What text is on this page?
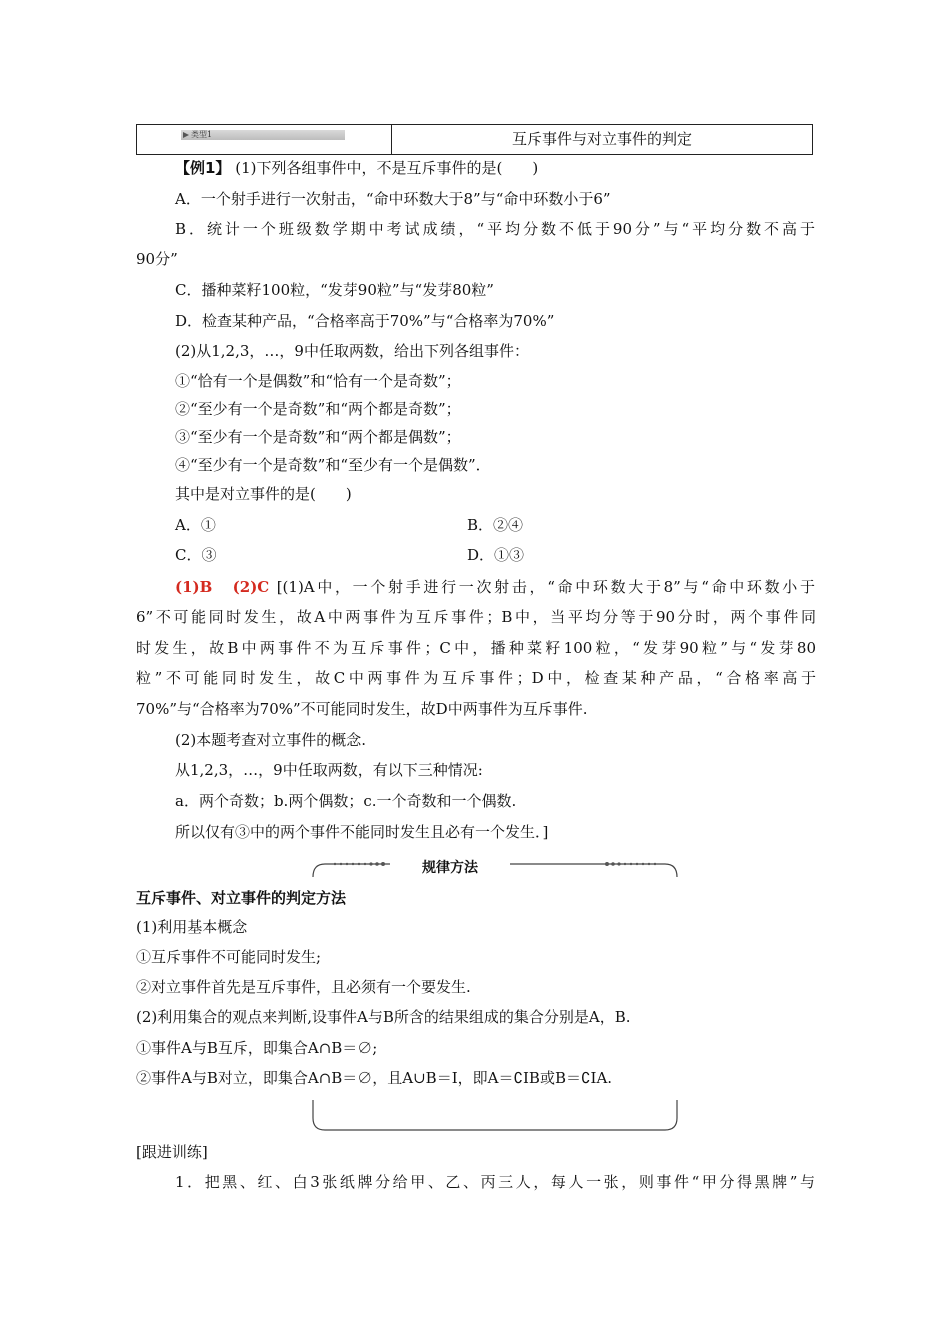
类型1	互斥事件与对立事件的判定
【例1】 (1)下列各组事件中，不是互斥事件的是(　　)
A．一个射手进行一次射击，“命中环数大于8”与“命中环数小于6”
B．统计一个班级数学期中考试成绩，“平均分数不低于90分”与“平均分数不高于
90分”
C．播种菜籽100粒，“发芽90粒”与“发芽80粒”
D．检查某种产品，“合格率高于70%”与“合格率为70%”
(2)从1,2,3，…，9中任取两数，给出下列各组事件：
①“恰有一个是偶数”和“恰有一个是奇数”；
②“至少有一个是奇数”和“两个都是奇数”；
③“至少有一个是奇数”和“两个都是偶数”；
④“至少有一个是奇数”和“至少有一个是偶数”．
其中是对立事件的是(　　)
A．①	B．②④
C．③	D．①③
(1)B　(2)C [(1)A中，一个射手进行一次射击，“命中环数大于8”与“命中环数小于
6”不可能同时发生，故A中两事件为互斥事件；B中，当平均分等于90分时，两个事件同
时发生，故B中两事件不为互斥事件；C中，播种菜籽100粒，“发芽90粒”与“发芽80
粒”不可能同时发生，故C中两事件为互斥事件；D中，检查某种产品，“合格率高于
70%”与“合格率为70%”不可能同时发生，故D中两事件为互斥事件.
(2)本题考查对立事件的概念.
从1,2,3，…，9中任取两数，有以下三种情况:
a．两个奇数；b.两个偶数；c.一个奇数和一个偶数.
所以仅有③中的两个事件不能同时发生且必有一个发生．]
规律方法
互斥事件、对立事件的判定方法
(1)利用基本概念
①互斥事件不可能同时发生;
②对立事件首先是互斥事件，且必须有一个要发生.
(2)利用集合的观点来判断,设事件A与B所含的结果组成的集合分别是A，B.
①事件A与B互斥，即集合A∩B＝∅;
②事件A与B对立，即集合A∩B＝∅，且A∪B＝I，即A＝∁IB或B＝∁IA.
[跟进训练]
1．把黑、红、白3张纸牌分给甲、乙、丙三人，每人一张，则事件“甲分得黑牌”与
